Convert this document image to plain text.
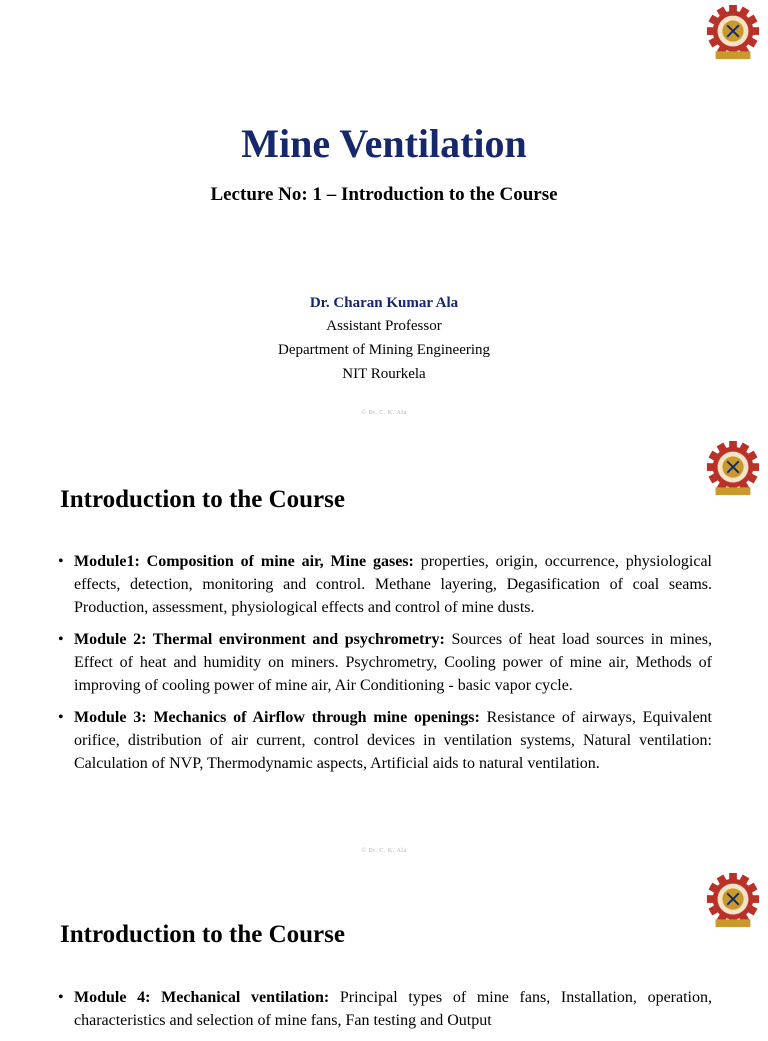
Mine Ventilation
Lecture No: 1 – Introduction to the Course
Dr. Charan Kumar Ala
Assistant Professor
Department of Mining Engineering
NIT Rourkela
© Dr. C. K. Ala
Introduction to the Course
• Module1: Composition of mine air, Mine gases: properties, origin, occurrence, physiological effects, detection, monitoring and control. Methane layering, Degasification of coal seams. Production, assessment, physiological effects and control of mine dusts.
• Module 2: Thermal environment and psychrometry: Sources of heat load sources in mines, Effect of heat and humidity on miners. Psychrometry, Cooling power of mine air, Methods of improving of cooling power of mine air, Air Conditioning - basic vapor cycle.
• Module 3: Mechanics of Airflow through mine openings: Resistance of airways, Equivalent orifice, distribution of air current, control devices in ventilation systems, Natural ventilation: Calculation of NVP, Thermodynamic aspects, Artificial aids to natural ventilation.
© Dr. C. K. Ala
Introduction to the Course
• Module 4: Mechanical ventilation: Principal types of mine fans, Installation, operation, characteristics and selection of mine fans, Fan testing and Output
